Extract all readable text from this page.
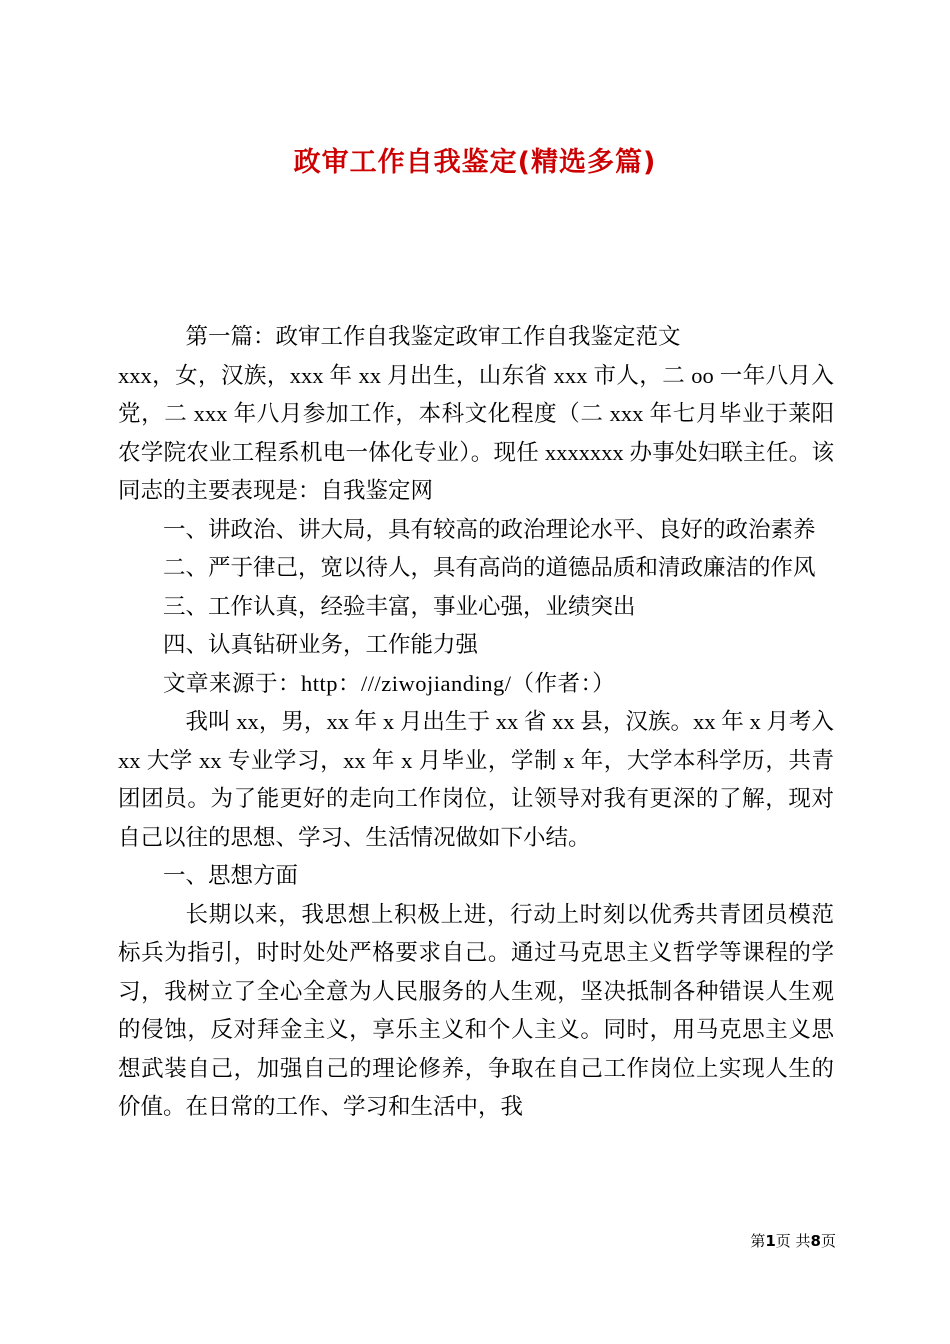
政审工作自我鉴定(精选多篇)

第一篇：政审工作自我鉴定政审工作自我鉴定范文

xxx，女，汉族，xxx 年 xx 月出生，山东省 xxx 市人，二 oo 一年八月入党，二 xxx 年八月参加工作，本科文化程度（二 xxx 年七月毕业于莱阳农学院农业工程系机电一体化专业）。现任 xxxxxxx 办事处妇联主任。该同志的主要表现是：自我鉴定网

一、讲政治、讲大局，具有较高的政治理论水平、良好的政治素养

二、严于律己，宽以待人，具有高尚的道德品质和清政廉洁的作风

三、工作认真，经验丰富，事业心强，业绩突出

四、认真钻研业务，工作能力强

文章来源于：http：///ziwojianding/（作者：）

我叫 xx，男，xx 年 x 月出生于 xx 省 xx 县，汉族。xx 年 x 月考入 xx 大学 xx 专业学习，xx 年 x 月毕业，学制 x 年，大学本科学历，共青团团员。为了能更好的走向工作岗位，让领导对我有更深的了解，现对自己以往的思想、学习、生活情况做如下小结。

一、思想方面

长期以来，我思想上积极上进，行动上时刻以优秀共青团员模范标兵为指引，时时处处严格要求自己。通过马克思主义哲学等课程的学习，我树立了全心全意为人民服务的人生观，坚决抵制各种错误人生观的侵蚀，反对拜金主义，享乐主义和个人主义。同时，用马克思主义思想武装自己，加强自己的理论修养，争取在自己工作岗位上实现人生的价值。在日常的工作、学习和生活中，我

第1页 共8页
